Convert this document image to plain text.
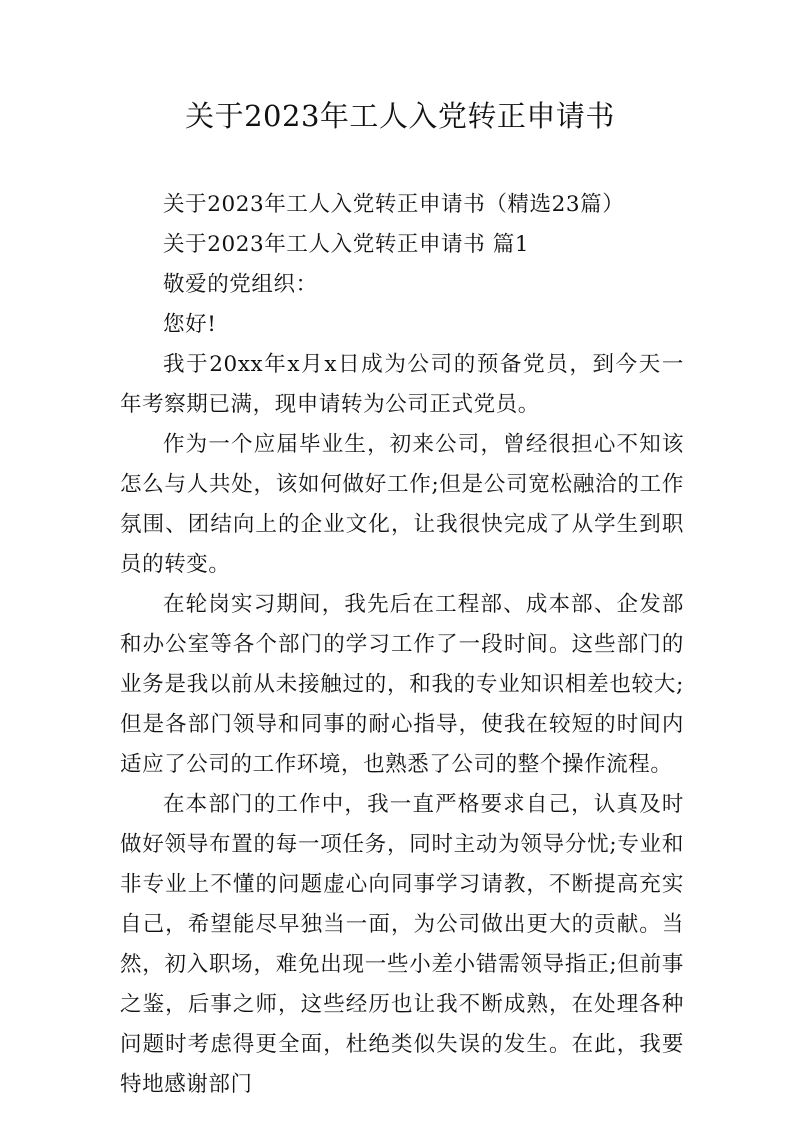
关于2023年工人入党转正申请书

关于2023年工人入党转正申请书（精选23篇）

关于2023年工人入党转正申请书 篇1

敬爱的党组织：

您好!

我于20xx年x月x日成为公司的预备党员，到今天一年考察期已满，现申请转为公司正式党员。

作为一个应届毕业生，初来公司，曾经很担心不知该怎么与人共处，该如何做好工作;但是公司宽松融洽的工作氛围、团结向上的企业文化，让我很快完成了从学生到职员的转变。

在轮岗实习期间，我先后在工程部、成本部、企发部和办公室等各个部门的学习工作了一段时间。这些部门的业务是我以前从未接触过的，和我的专业知识相差也较大;但是各部门领导和同事的耐心指导，使我在较短的时间内适应了公司的工作环境，也熟悉了公司的整个操作流程。

在本部门的工作中，我一直严格要求自己，认真及时做好领导布置的每一项任务，同时主动为领导分忧;专业和非专业上不懂的问题虚心向同事学习请教，不断提高充实自己，希望能尽早独当一面，为公司做出更大的贡献。当然，初入职场，难免出现一些小差小错需领导指正;但前事之鉴，后事之师，这些经历也让我不断成熟，在处理各种问题时考虑得更全面，杜绝类似失误的发生。在此，我要特地感谢部门
